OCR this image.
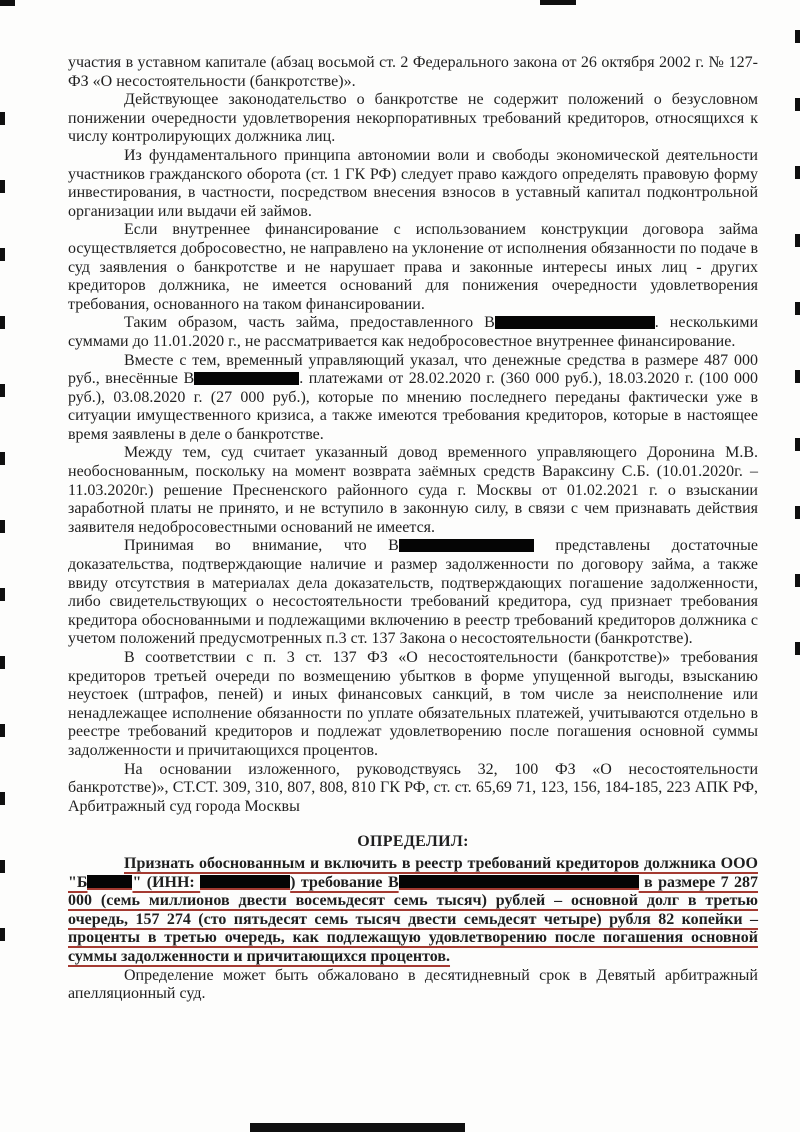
участия в уставном капитале (абзац восьмой ст. 2 Федерального закона от 26 октября 2002 г. № 127-ФЗ «О несостоятельности (банкротстве)».

Действующее законодательство о банкротстве не содержит положений о безусловном понижении очередности удовлетворения некорпоративных требований кредиторов, относящихся к числу контролирующих должника лиц.

Из фундаментального принципа автономии воли и свободы экономической деятельности участников гражданского оборота (ст. 1 ГК РФ) следует право каждого определять правовую форму инвестирования, в частности, посредством внесения взносов в уставный капитал подконтрольной организации или выдачи ей займов.

Если внутреннее финансирование с использованием конструкции договора займа осуществляется добросовестно, не направлено на уклонение от исполнения обязанности по подаче в суд заявления о банкротстве и не нарушает права и законные интересы иных лиц - других кредиторов должника, не имеется оснований для понижения очередности удовлетворения требования, основанного на таком финансировании.

Таким образом, часть займа, предоставленного В	. несколькими суммами до 11.01.2020 г., не рассматривается как недобросовестное внутреннее финансирование.

Вместе с тем, временный управляющий указал, что денежные средства в размере 487 000 руб., внесённые В	. платежами от 28.02.2020 г. (360 000 руб.), 18.03.2020 г. (100 000 руб.), 03.08.2020 г. (27 000 руб.), которые по мнению последнего переданы фактически уже в ситуации имущественного кризиса, а также имеются требования кредиторов, которые в настоящее время заявлены в деле о банкротстве.

Между тем, суд считает указанный довод временного управляющего Доронина М.В. необоснованным, поскольку на момент возврата заёмных средств Вараксину С.Б. (10.01.2020г. – 11.03.2020г.) решение Пресненского районного суда г. Москвы от 01.02.2021 г. о взыскании заработной платы не принято, и не вступило в законную силу, в связи с чем признавать действия заявителя недобросовестными оснований не имеется.

Принимая во внимание, что В	представлены достаточные доказательства, подтверждающие наличие и размер задолженности по договору займа, а также ввиду отсутствия в материалах дела доказательств, подтверждающих погашение задолженности, либо свидетельствующих о несостоятельности требований кредитора, суд признает требования кредитора обоснованными и подлежащими включению в реестр требований кредиторов должника с учетом положений предусмотренных п.3 ст. 137 Закона о несостоятельности (банкротстве).

В соответствии с п. 3 ст. 137 ФЗ «О несостоятельности (банкротстве)» требования кредиторов третьей очереди по возмещению убытков в форме упущенной выгоды, взысканию неустоек (штрафов, пеней) и иных финансовых санкций, в том числе за неисполнение или ненадлежащее исполнение обязанности по уплате обязательных платежей, учитываются отдельно в реестре требований кредиторов и подлежат удовлетворению после погашения основной суммы задолженности и причитающихся процентов.

На основании изложенного, руководствуясь 32, 100 ФЗ «О несостоятельности банкротстве)», СТ.СТ. 309, 310, 807, 808, 810 ГК РФ, ст. ст. 65,69 71, 123, 156, 184-185, 223 АПК РФ, Арбитражный суд города Москвы

ОПРЕДЕЛИЛ:

Признать обоснованным и включить в реестр требований кредиторов должника ООО "Б	" (ИНН:	) требование В	в размере 7 287 000 (семь миллионов двести восемьдесят семь тысяч) рублей – основной долг в третью очередь, 157 274 (сто пятьдесят семь тысяч двести семьдесят четыре) рубля 82 копейки – проценты в третью очередь, как подлежащую удовлетворению после погашения основной суммы задолженности и причитающихся процентов.

Определение может быть обжаловано в десятидневный срок в Девятый арбитражный апелляционный суд.
